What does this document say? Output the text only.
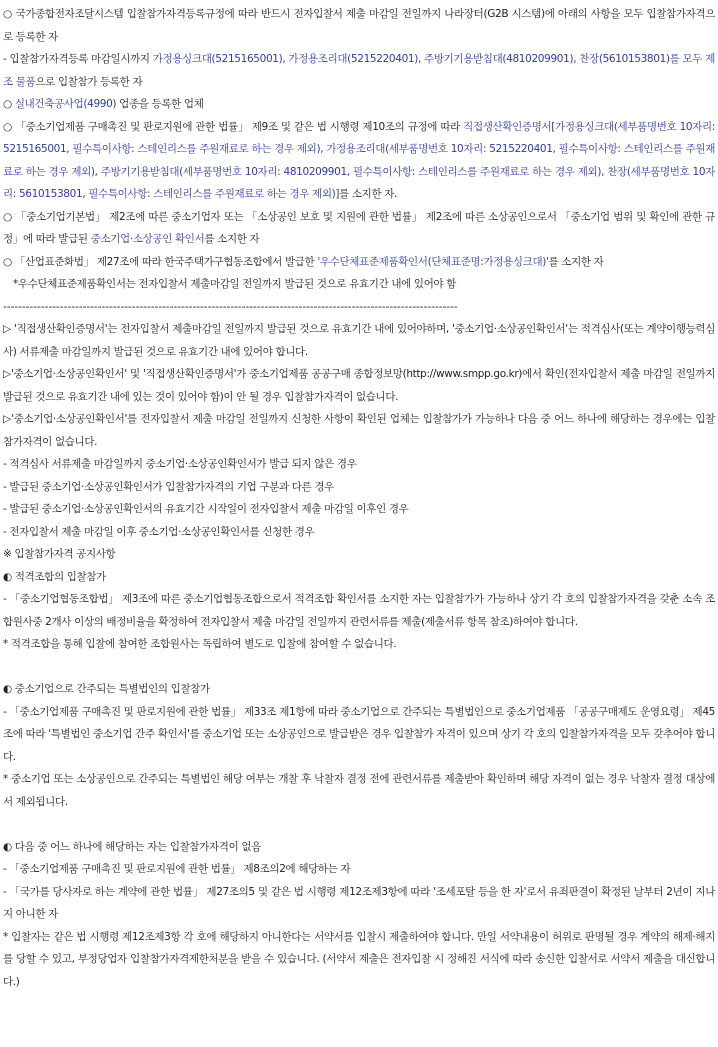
○ 국가종합전자조달시스템 입찰참가자격등록규정에 따라 반드시 전자입찰서 제출 마감일 전일까지 나라장터(G2B 시스템)에 아래의 사항을 모두 입찰참가자격으로 등록한 자

- 입찰참가자격등록 마감일시까지 가정용싱크대(5215165001), 가정용조리대(5215220401), 주방기기용받침대(4810209901), 찬장(5610153801)를 모두 제조 물품으로 입찰참가 등록한 자

○ 실내건축공사업(4990) 업종을 등록한 업체

○ 「중소기업제품 구매촉진 및 판로지원에 관한 법률」 제9조 및 같은 법 시행령 제10조의 규정에 따라 직접생산확인증명서[가정용싱크대(세부품명번호 10자리: 5215165001, 필수특이사항: 스테인리스를 주원재료로 하는 경우 제외), 가정용조리대(세부품명번호 10자리: 5215220401, 필수특이사항: 스테인리스를 주원재료로 하는 경우 제외), 주방기기용받침대(세부품명번호 10자리: 4810209901, 필수특이사항: 스테인리스를 주원재료로 하는 경우 제외), 찬장(세부품명번호 10자리: 5610153801, 필수특이사항: 스테인리스를 주원재료로 하는 경우 제외)]를 소지한 자.

○ 「중소기업기본법」 제2조에 따른 중소기업자 또는 「소상공인 보호 및 지원에 관한 법률」 제2조에 따른 소상공인으로서 「중소기업 범위 및 확인에 관한 규정」에 따라 발급된 중소기업·소상공인 확인서를 소지한 자

○ 「산업표준화법」 제27조에 따라 한국주택가구협동조합에서 발급한 '우수단체표준제품확인서(단체표준명:가정용싱크대)'를 소지한 자

*우수단체표준제품확인서는 전자입찰서 제출마감일 전일까지 발급된 것으로 유효기간 내에 있어야 함

------------------------------------------------------------------------------------------------------------------------

▷ '직접생산확인증명서'는 전자입찰서 제출마감일 전일까지 발급된 것으로 유효기간 내에 있어야하며, '중소기업·소상공인확인서'는 적격심사(또는 계약이행능력심사) 서류제출 마감일까지 발급된 것으로 유효기간 내에 있어야 합니다.

▷'중소기업·소상공인확인서' 및 '직접생산확인증명서'가 중소기업제품 공공구매 종합정보망(http://www.smpp.go.kr)에서 확인(전자입찰서 제출 마감일 전일까지 발급된 것으로 유효기간 내에 있는 것이 있어야 함)이 안 될 경우 입찰참가자격이 없습니다.

▷'중소기업·소상공인확인서'를 전자입찰서 제출 마감일 전일까지 신청한 사항이 확인된 업체는 입찰참가가 가능하나 다음 중 어느 하나에 해당하는 경우에는 입찰참가자격이 없습니다.

- 적격심사 서류제출 마감일까지 중소기업·소상공인확인서가 발급 되지 않은 경우

- 발급된 중소기업·소상공인확인서가 입찰참가자격의 기업 구분과 다른 경우

- 발급된 중소기업·소상공인확인서의 유효기간 시작일이 전자입찰서 제출 마감일 이후인 경우

- 전자입찰서 제출 마감일 이후 중소기업·소상공인확인서를 신청한 경우

※ 입찰참가자격 공지사항

◐ 적격조합의 입찰참가

- 「중소기업협동조합법」 제3조에 따른 중소기업협동조합으로서 적격조합 확인서를 소지한 자는 입찰참가가 가능하나 상기 각 호의 입찰참가자격을 갖춘 소속 조합원사중 2개사 이상의 배정비율을 확정하여 전자입찰서 제출 마감일 전일까지 관련서류를 제출(제출서류 항목 참조)하여야 합니다.

* 적격조합을 통해 입찰에 참여한 조합원사는 독립하여 별도로 입찰에 참여할 수 없습니다.

◐ 중소기업으로 간주되는 특별법인의 입찰참가

- 「중소기업제품 구매촉진 및 판로지원에 관한 법률」 제33조 제1항에 따라 중소기업으로 간주되는 특별법인으로 중소기업제품 「공공구매제도 운영요령」 제45조에 따라 '특별법인 중소기업 간주 확인서'를 중소기업 또는 소상공인으로 발급받은 경우 입찰참가 자격이 있으며 상기 각 호의 입찰참가자격을 모두 갖추어야 합니다.

* 중소기업 또는 소상공인으로 간주되는 특별법인 해당 여부는 개찰 후 낙찰자 결정 전에 관련서류를 제출받아 확인하며 해당 자격이 없는 경우 낙찰자 결정 대상에서 제외됩니다.

◐ 다음 중 어느 하나에 해당하는 자는 입찰참가자격이 없음

- 「중소기업제품 구매촉진 및 판로지원에 관한 법률」 제8조의2에 해당하는 자

- 「국가를 당사자로 하는 계약에 관한 법률」 제27조의5 및 같은 법 시행령 제12조제3항에 따라 '조세포탈 등을 한 자'로서 유죄판결이 확정된 날부터 2년이 지나지 아니한 자

* 입찰자는 같은 법 시행령 제12조제3항 각 호에 해당하지 아니한다는 서약서를 입찰시 제출하여야 합니다. 만일 서약내용이 허위로 판명될 경우 계약의 해제·해지를 당할 수 있고, 부정당업자 입찰참가자격제한처분을 받을 수 있습니다. (서약서 제출은 전자입찰 시 정해진 서식에 따라 송신한 입찰서로 서약서 제출을 대신합니다.)
